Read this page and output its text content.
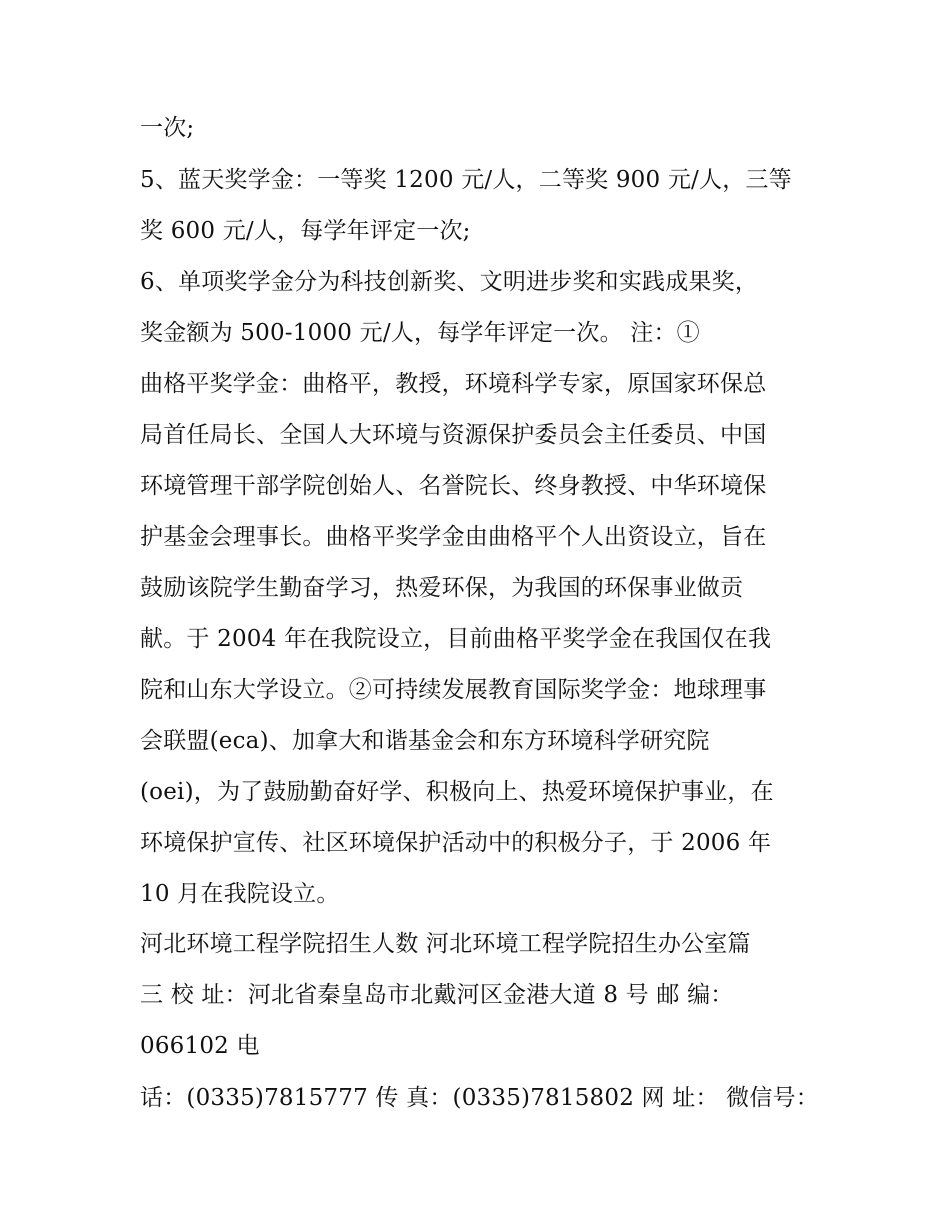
一次;
5、蓝天奖学金：一等奖 1200 元/人，二等奖 900 元/人，三等
奖 600 元/人，每学年评定一次;
6、单项奖学金分为科技创新奖、文明进步奖和实践成果奖，
奖金额为 500-1000 元/人，每学年评定一次。 注：①
曲格平奖学金：曲格平，教授，环境科学专家，原国家环保总
局首任局长、全国人大环境与资源保护委员会主任委员、中国
环境管理干部学院创始人、名誉院长、终身教授、中华环境保
护基金会理事长。曲格平奖学金由曲格平个人出资设立，旨在
鼓励该院学生勤奋学习，热爱环保，为我国的环保事业做贡
献。于 2004 年在我院设立，目前曲格平奖学金在我国仅在我
院和山东大学设立。②可持续发展教育国际奖学金：地球理事
会联盟(eca)、加拿大和谐基金会和东方环境科学研究院
(oei)，为了鼓励勤奋好学、积极向上、热爱环境保护事业，在
环境保护宣传、社区环境保护活动中的积极分子，于 2006 年
10 月在我院设立。
河北环境工程学院招生人数 河北环境工程学院招生办公室篇
三 校 址：河北省秦皇岛市北戴河区金港大道 8 号 邮 编：
066102 电
话：(0335)7815777 传 真：(0335)7815802 网 址： 微信号：
